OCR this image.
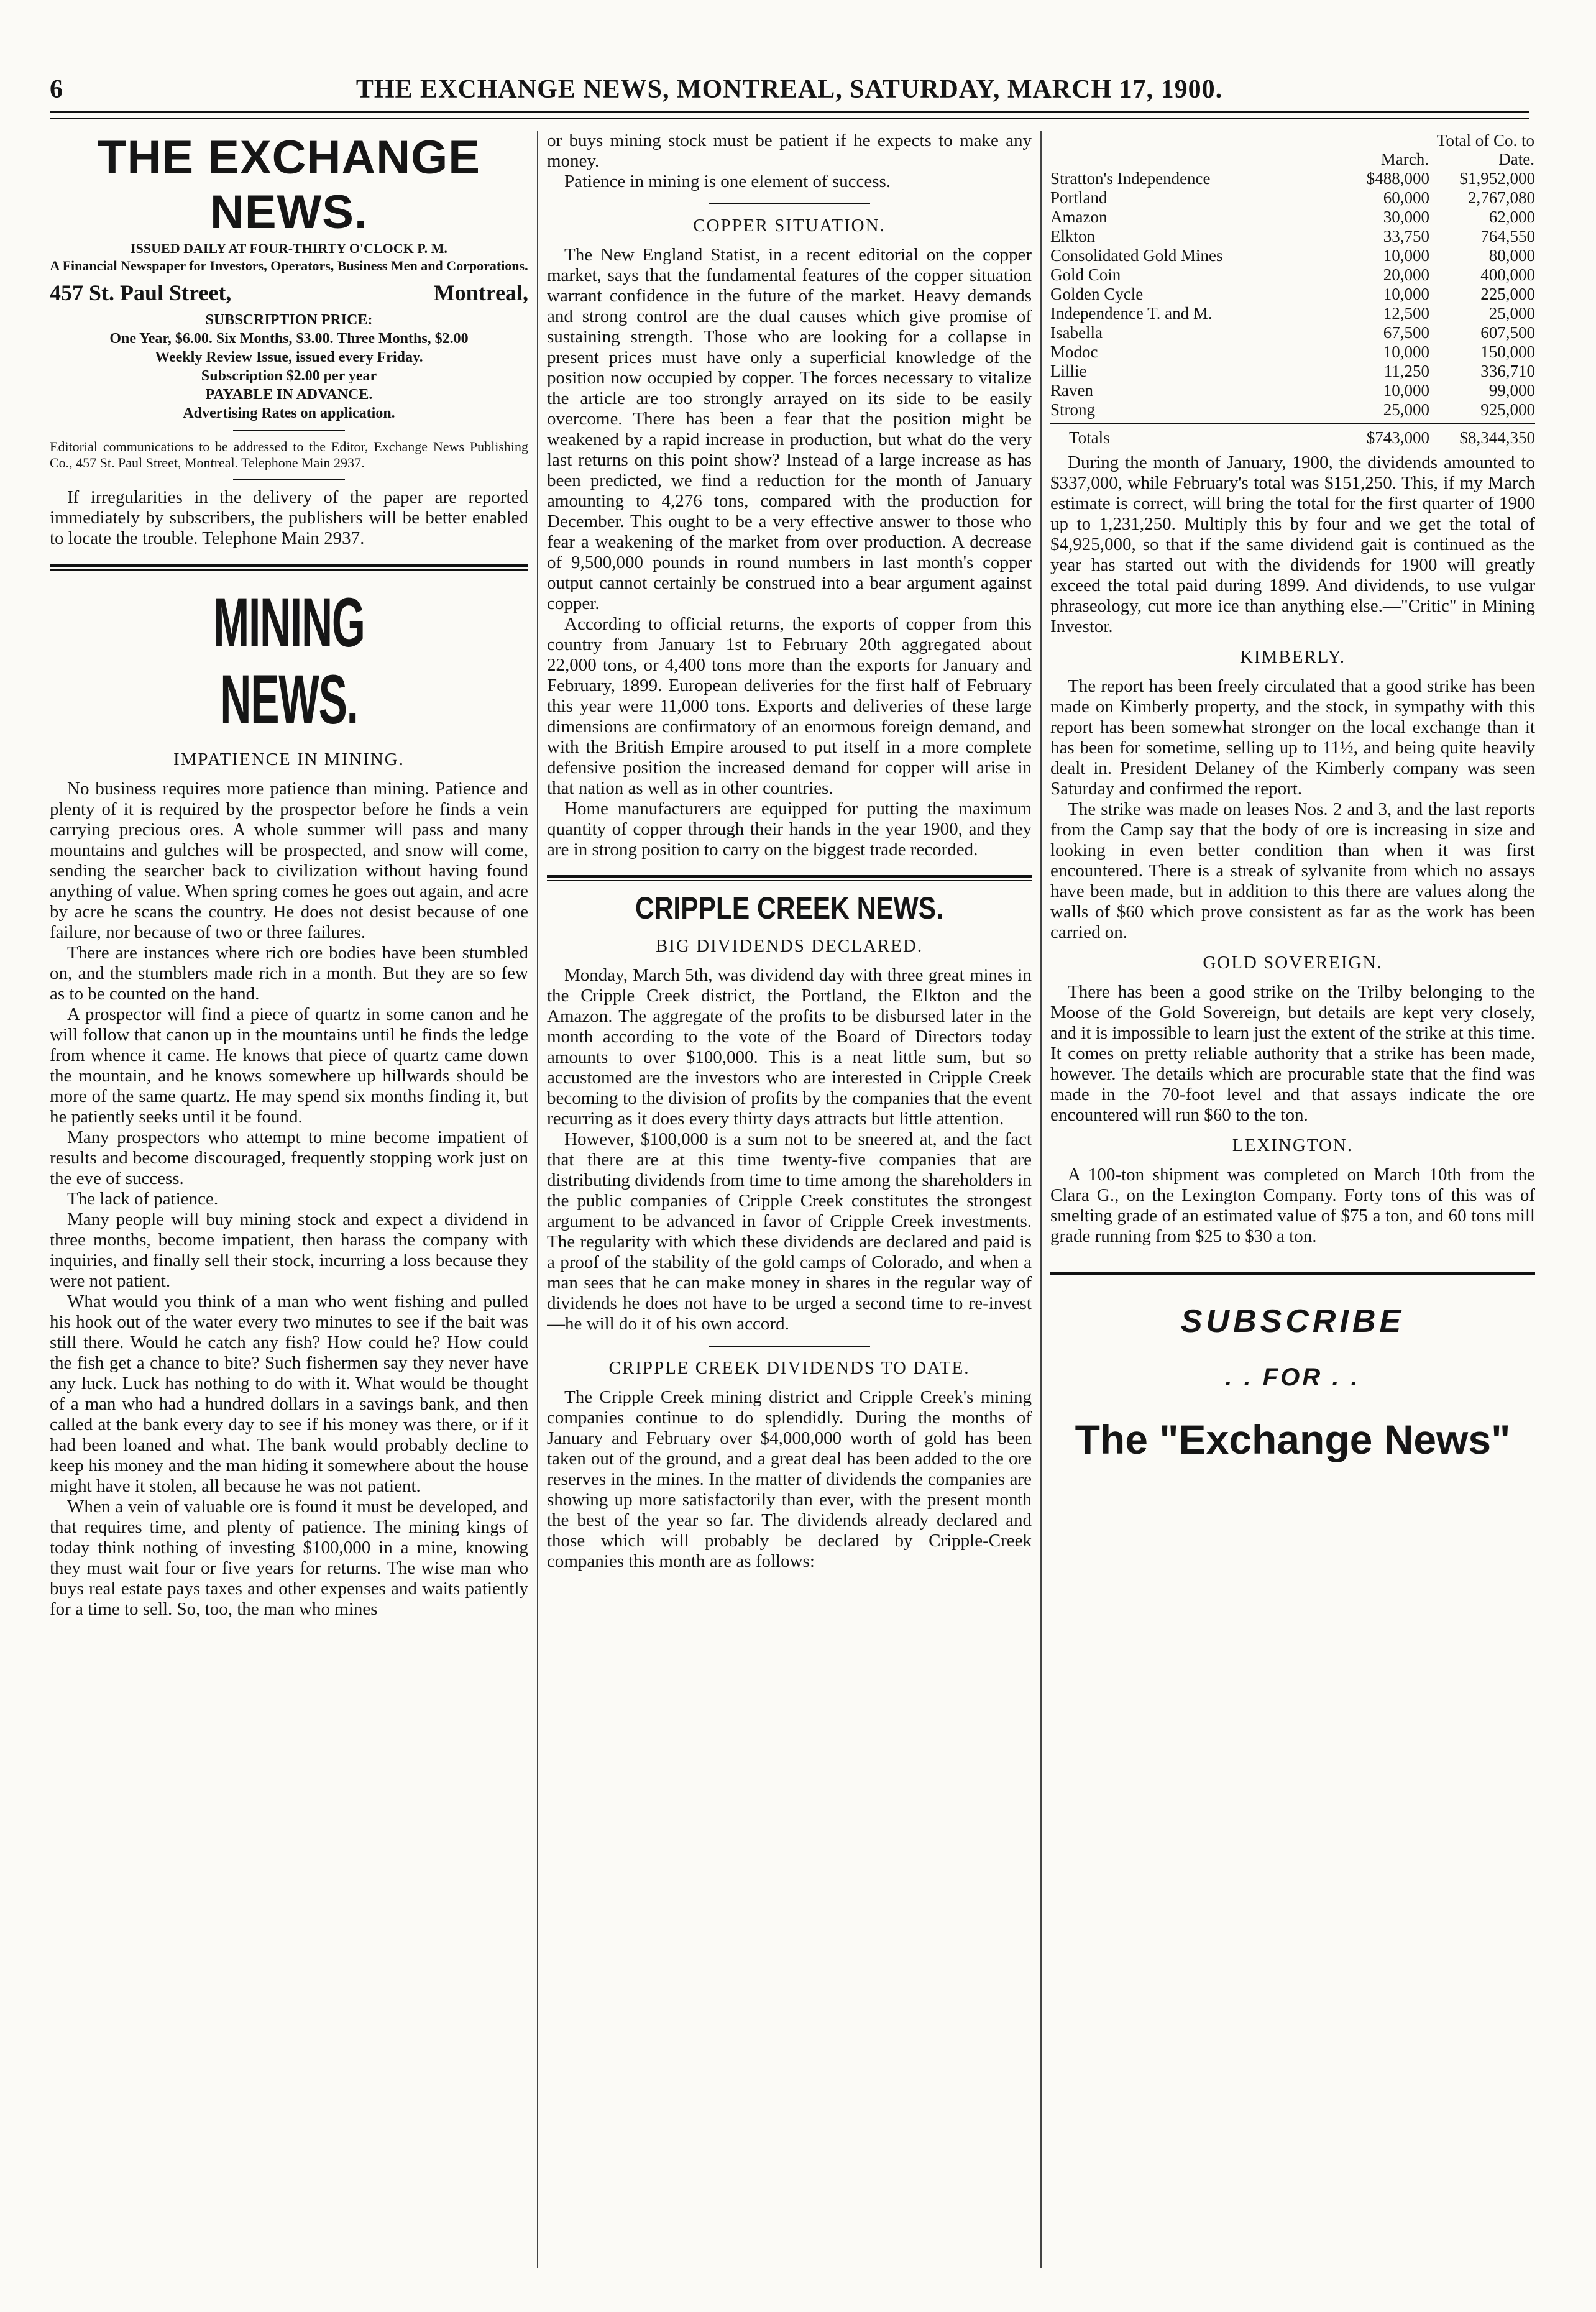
6	THE EXCHANGE NEWS, MONTREAL, SATURDAY, MARCH 17, 1900.
THE EXCHANGE NEWS.
ISSUED DAILY AT FOUR-THIRTY O'CLOCK P. M.
A Financial Newspaper for Investors, Operators, Business Men and Corporations.
457 St. Paul Street,	Montreal,
SUBSCRIPTION PRICE:
One Year, $6.00. Six Months, $3.00. Three Months, $2.00
Weekly Review Issue, issued every Friday.
Subscription $2.00 per year
PAYABLE IN ADVANCE.
Advertising Rates on application.
Editorial communications to be addressed to the Editor, Exchange News Publishing Co., 457 St. Paul Street, Montreal. Telephone Main 2937.

If irregularities in the delivery of the paper are reported immediately by subscribers, the publishers will be better enabled to locate the trouble. Telephone Main 2937.

MINING NEWS.
IMPATIENCE IN MINING.

No business requires more patience than mining. Patience and plenty of it is required by the prospector before he finds a vein carrying precious ores. A whole summer will pass and many mountains and gulches will be prospected, and snow will come, sending the searcher back to civilization without having found anything of value. When spring comes he goes out again, and acre by acre he scans the country. He does not desist because of one failure, nor because of two or three failures.

There are instances where rich ore bodies have been stumbled on, and the stumblers made rich in a month. But they are so few as to be counted on the hand.

A prospector will find a piece of quartz in some canon and he will follow that canon up in the mountains until he finds the ledge from whence it came. He knows that piece of quartz came down the mountain, and he knows somewhere up hillwards should be more of the same quartz. He may spend six months finding it, but he patiently seeks until it be found.

Many prospectors who attempt to mine become impatient of results and become discouraged, frequently stopping work just on the eve of success.

The lack of patience.

Many people will buy mining stock and expect a dividend in three months, become impatient, then harass the company with inquiries, and finally sell their stock, incurring a loss because they were not patient.

What would you think of a man who went fishing and pulled his hook out of the water every two minutes to see if the bait was still there. Would he catch any fish? How could he? How could the fish get a chance to bite? Such fishermen say they never have any luck. Luck has nothing to do with it. What would be thought of a man who had a hundred dollars in a savings bank, and then called at the bank every day to see if his money was there, or if it had been loaned and what. The bank would probably decline to keep his money and the man hiding it somewhere about the house might have it stolen, all because he was not patient.

When a vein of valuable ore is found it must be developed, and that requires time, and plenty of patience. The mining kings of today think nothing of investing $100,000 in a mine, knowing they must wait four or five years for returns. The wise man who buys real estate pays taxes and other expenses and waits patiently for a time to sell. So, too, the man who mines

or buys mining stock must be patient if he expects to make any money.

Patience in mining is one element of success.

COPPER SITUATION.

The New England Statist, in a recent editorial on the copper market, says that the fundamental features of the copper situation warrant confidence in the future of the market. Heavy demands and strong control are the dual causes which give promise of sustaining strength. Those who are looking for a collapse in present prices must have only a superficial knowledge of the position now occupied by copper. The forces necessary to vitalize the article are too strongly arrayed on its side to be easily overcome. There has been a fear that the position might be weakened by a rapid increase in production, but what do the very last returns on this point show? Instead of a large increase as has been predicted, we find a reduction for the month of January amounting to 4,276 tons, compared with the production for December. This ought to be a very effective answer to those who fear a weakening of the market from over production. A decrease of 9,500,000 pounds in round numbers in last month's copper output cannot certainly be construed into a bear argument against copper.

According to official returns, the exports of copper from this country from January 1st to February 20th aggregated about 22,000 tons, or 4,400 tons more than the exports for January and February, 1899. European deliveries for the first half of February this year were 11,000 tons. Exports and deliveries of these large dimensions are confirmatory of an enormous foreign demand, and with the British Empire aroused to put itself in a more complete defensive position the increased demand for copper will arise in that nation as well as in other countries.

Home manufacturers are equipped for putting the maximum quantity of copper through their hands in the year 1900, and they are in strong position to carry on the biggest trade recorded.

CRIPPLE CREEK NEWS.
BIG DIVIDENDS DECLARED.

Monday, March 5th, was dividend day with three great mines in the Cripple Creek district, the Portland, the Elkton and the Amazon. The aggregate of the profits to be disbursed later in the month according to the vote of the Board of Directors today amounts to over $100,000. This is a neat little sum, but so accustomed are the investors who are interested in Cripple Creek becoming to the division of profits by the companies that the event recurring as it does every thirty days attracts but little attention.

However, $100,000 is a sum not to be sneered at, and the fact that there are at this time twenty-five companies that are distributing dividends from time to time among the shareholders in the public companies of Cripple Creek constitutes the strongest argument to be advanced in favor of Cripple Creek investments. The regularity with which these dividends are declared and paid is a proof of the stability of the gold camps of Colorado, and when a man sees that he can make money in shares in the regular way of dividends he does not have to be urged a second time to re-invest—he will do it of his own accord.

CRIPPLE CREEK DIVIDENDS TO DATE.

The Cripple Creek mining district and Cripple Creek's mining companies continue to do splendidly. During the months of January and February over $4,000,000 worth of gold has been taken out of the ground, and a great deal has been added to the ore reserves in the mines. In the matter of dividends the companies are showing up more satisfactorily than ever, with the present month the best of the year so far. The dividends already declared and those which will probably be declared by Cripple-Creek companies this month are as follows:

	March.	Total of Co. to Date.
Stratton's Independence	$488,000	$1,952,000
Portland	60,000	2,767,080
Amazon	30,000	62,000
Elkton	33,750	764,550
Consolidated Gold Mines	10,000	80,000
Gold Coin	20,000	400,000
Golden Cycle	10,000	225,000
Independence T. and M.	12,500	25,000
Isabella	67,500	607,500
Modoc	10,000	150,000
Lillie	11,250	336,710
Raven	10,000	99,000
Strong	25,000	925,000
Totals	$743,000	$8,344,350

During the month of January, 1900, the dividends amounted to $337,000, while February's total was $151,250. This, if my March estimate is correct, will bring the total for the first quarter of 1900 up to 1,231,250. Multiply this by four and we get the total of $4,925,000, so that if the same dividend gait is continued as the year has started out with the dividends for 1900 will greatly exceed the total paid during 1899. And dividends, to use vulgar phraseology, cut more ice than anything else.—"Critic" in Mining Investor.

KIMBERLY.

The report has been freely circulated that a good strike has been made on Kimberly property, and the stock, in sympathy with this report has been somewhat stronger on the local exchange than it has been for sometime, selling up to 11½, and being quite heavily dealt in. President Delaney of the Kimberly company was seen Saturday and confirmed the report.

The strike was made on leases Nos. 2 and 3, and the last reports from the Camp say that the body of ore is increasing in size and looking in even better condition than when it was first encountered. There is a streak of sylvanite from which no assays have been made, but in addition to this there are values along the walls of $60 which prove consistent as far as the work has been carried on.

GOLD SOVEREIGN.

There has been a good strike on the Trilby belonging to the Moose of the Gold Sovereign, but details are kept very closely, and it is impossible to learn just the extent of the strike at this time. It comes on pretty reliable authority that a strike has been made, however. The details which are procurable state that the find was made in the 70-foot level and that assays indicate the ore encountered will run $60 to the ton.

LEXINGTON.

A 100-ton shipment was completed on March 10th from the Clara G., on the Lexington Company. Forty tons of this was of smelting grade of an estimated value of $75 a ton, and 60 tons mill grade running from $25 to $30 a ton.

SUBSCRIBE
. . FOR . .
The "Exchange News"
